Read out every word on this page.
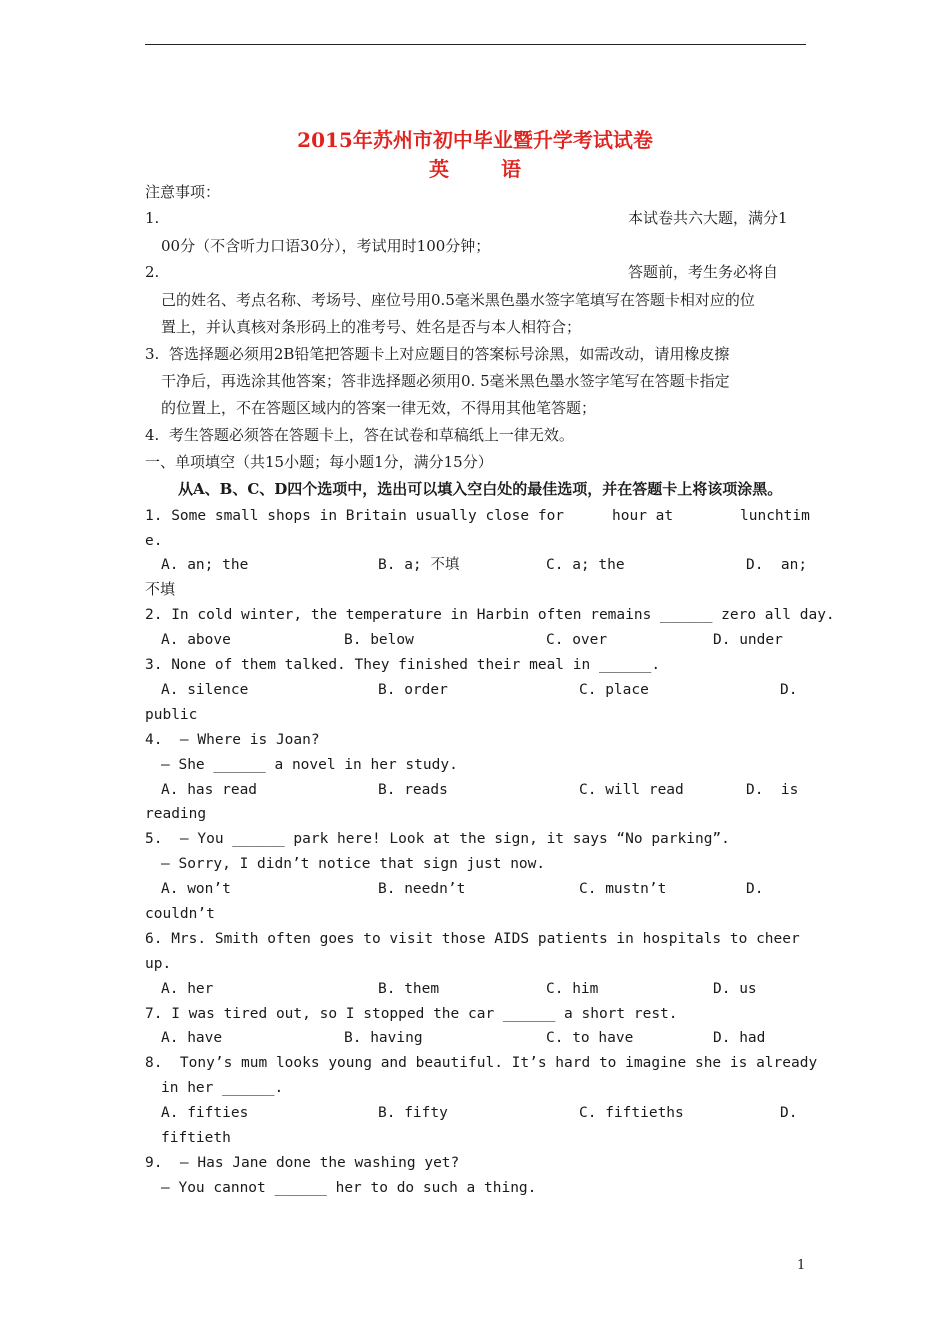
2015年苏州市初中毕业暨升学考试试卷
英语
注意事项：
1.	本试卷共六大题，满分1
00分（不含听力口语30分），考试用时100分钟；
2.	答题前，考生务必将自
己的姓名、考点名称、考场号、座位号用0.5毫米黑色墨水签字笔填写在答题卡相对应的位
置上，并认真核对条形码上的准考号、姓名是否与本人相符合；
3.  答选择题必须用2B铅笔把答题卡上对应题目的答案标号涂黑，如需改动，请用橡皮擦
干净后，再选涂其他答案；答非选择题必须用0. 5毫米黑色墨水签字笔写在答题卡指定
的位置上，不在答题区域内的答案一律无效，不得用其他笔答题；
4.  考生答题必须答在答题卡上，答在试卷和草稿纸上一律无效。
一、单项填空（共15小题；每小题1分，满分15分）
从A、B、C、D四个选项中，选出可以填入空白处的最佳选项，并在答题卡上将该项涂黑。
1. Some small shops in Britain usually close for	hour at	lunchtim
e.
A. an; the	B. a; 不填	C. a; the	D.  an;
不填
2. In cold winter, the temperature in Harbin often remains ______ zero all day.
A. above	B. below	C. over	D. under
3. None of them talked. They finished their meal in ______.
A. silence	B. order	C. place	D.
public
4.  — Where is Joan?
— She ______ a novel in her study.
A. has read	B. reads	C. will read	D.  is
reading
5.  — You ______ park here! Look at the sign, it says “No parking”.
— Sorry, I didn’t notice that sign just now.
A. won’t	B. needn’t	C. mustn’t	D.
couldn’t
6. Mrs. Smith often goes to visit those AIDS patients in hospitals to cheer
up.
A. her	B. them	C. him	D. us
7. I was tired out, so I stopped the car ______ a short rest.
A. have	B. having	C. to have	D. had
8.  Tony’s mum looks young and beautiful. It’s hard to imagine she is already
in her ______.
A. fifties	B. fifty	C. fiftieths	D.
fiftieth
9.  — Has Jane done the washing yet?
— You cannot ______ her to do such a thing.
1
